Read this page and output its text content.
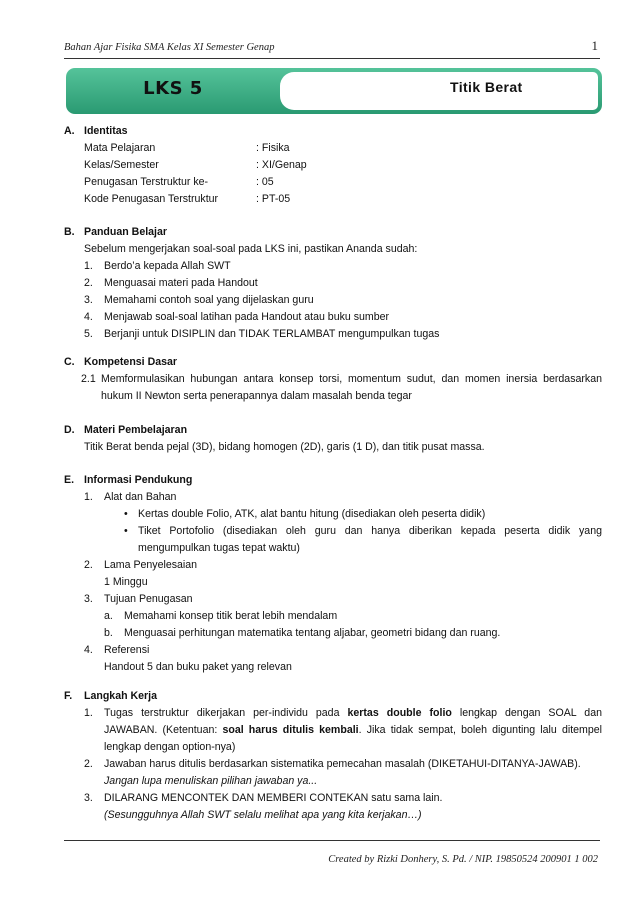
Bahan Ajar Fisika SMA Kelas XI Semester Genap	1
LKS 5	Titik Berat
A. Identitas
Mata Pelajaran	: Fisika
Kelas/Semester	: XI/Genap
Penugasan Terstruktur ke-	: 05
Kode Penugasan Terstruktur	: PT-05
B. Panduan Belajar
Sebelum mengerjakan soal-soal pada LKS ini, pastikan Ananda sudah:
1.	Berdo’a kepada Allah SWT
2.	Menguasai materi pada Handout
3.	Memahami contoh soal yang dijelaskan guru
4.	Menjawab soal-soal latihan pada Handout atau buku sumber
5.	Berjanji untuk DISIPLIN dan TIDAK TERLAMBAT mengumpulkan tugas
C. Kompetensi Dasar
2.1 Memformulasikan hubungan antara konsep torsi, momentum sudut, dan momen inersia berdasarkan hukum II Newton serta penerapannya dalam masalah benda tegar
D. Materi Pembelajaran
Titik Berat benda pejal (3D), bidang homogen (2D), garis (1 D), dan titik pusat massa.
E. Informasi Pendukung
1.	Alat dan Bahan
• Kertas double Folio, ATK, alat bantu hitung (disediakan oleh peserta didik)
• Tiket Portofolio (disediakan oleh guru dan hanya diberikan kepada peserta didik yang mengumpulkan tugas tepat waktu)
2.	Lama Penyelesaian
1 Minggu
3.	Tujuan Penugasan
a.	Memahami konsep titik berat lebih mendalam
b.	Menguasai perhitungan matematika tentang aljabar, geometri bidang dan ruang.
4.	Referensi
Handout 5 dan buku paket yang relevan
F.	Langkah Kerja
1.	Tugas terstruktur dikerjakan per-individu pada kertas double folio lengkap dengan SOAL dan JAWABAN. (Ketentuan: soal harus ditulis kembali. Jika tidak sempat, boleh digunting lalu ditempel lengkap dengan option-nya)
2.	Jawaban harus ditulis berdasarkan sistematika pemecahan masalah (DIKETAHUI-DITANYA-JAWAB).
Jangan lupa menuliskan pilihan jawaban ya...
3.	DILARANG MENCONTEK DAN MEMBERI CONTEKAN satu sama lain.
(Sesungguhnya Allah SWT selalu melihat apa yang kita kerjakan…)
Created by Rizki Donhery, S. Pd. / NIP. 19850524 200901 1 002
